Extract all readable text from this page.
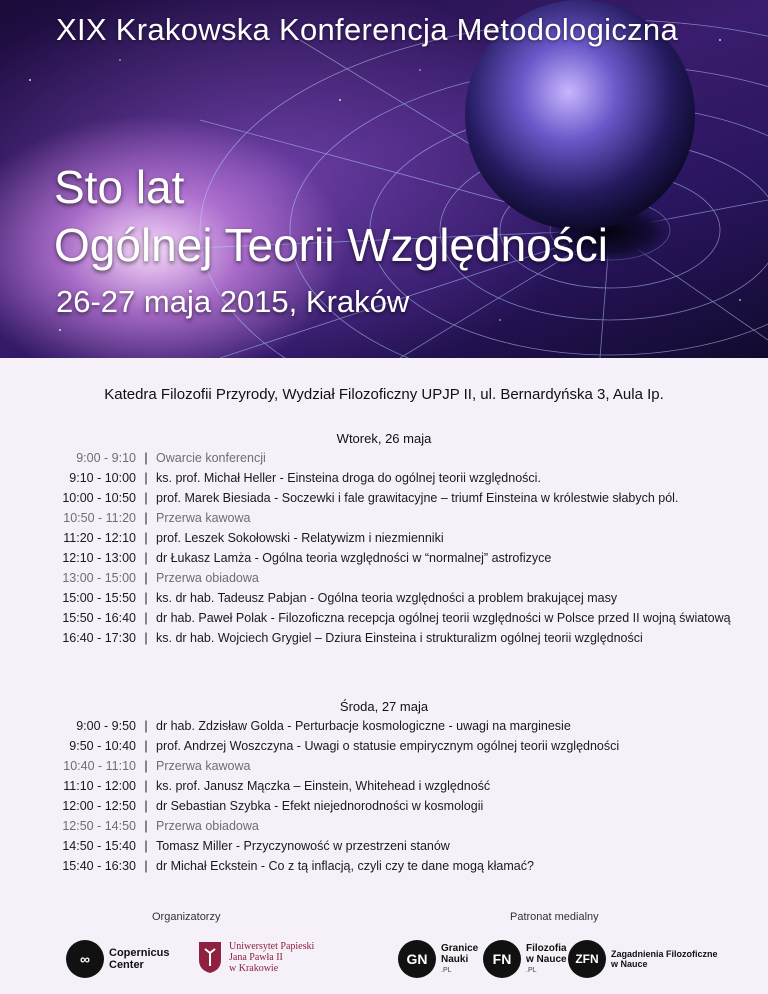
XIX Krakowska Konferencja Metodologiczna
Sto lat
Ogólnej Teorii Względności
26-27 maja 2015, Kraków
Katedra Filozofii Przyrody, Wydział Filozoficzny UPJP II, ul. Bernardyńska 3, Aula Ip.
Wtorek, 26 maja
9:00 - 9:10 | Owarcie konferencji
9:10 - 10:00 | ks. prof. Michał Heller - Einsteina droga do ogólnej teorii względności.
10:00 - 10:50 | prof. Marek Biesiada - Soczewki i fale grawitacyjne – triumf Einsteina w królestwie słabych pól.
10:50 - 11:20 | Przerwa kawowa
11:20 - 12:10 | prof. Leszek Sokołowski - Relatywizm i niezmienniki
12:10 - 13:00 | dr Łukasz Lamża - Ogólna teoria względności w “normalnej” astrofizyce
13:00 - 15:00 | Przerwa obiadowa
15:00 - 15:50 | ks. dr hab. Tadeusz Pabjan - Ogólna teoria względności a problem brakującej masy
15:50 - 16:40 | dr hab. Paweł Polak - Filozoficzna recepcja ogólnej teorii względności w Polsce przed II wojną światową
16:40 - 17:30 | ks. dr hab. Wojciech Grygiel – Dziura Einsteina i strukturalizm ogólnej teorii względności
Środa, 27 maja
9:00 - 9:50 | dr hab. Zdzisław Golda - Perturbacje kosmologiczne - uwagi na marginesie
9:50 - 10:40 | prof. Andrzej Woszczyna - Uwagi o statusie empirycznym ogólnej teorii względności
10:40 - 11:10 | Przerwa kawowa
11:10 - 12:00 | ks. prof. Janusz Mączka – Einstein, Whitehead i względność
12:00 - 12:50 | dr Sebastian Szybka - Efekt niejednorodności w kosmologii
12:50 - 14:50 | Przerwa obiadowa
14:50 - 15:40 | Tomasz Miller - Przyczynowość w przestrzeni stanów
15:40 - 16:30 | dr Michał Eckstein - Co z tą inflacją, czyli czy te dane mogą kłamać?
Organizatorzy	Patronat medialny
∞	Copernicus
Center
Uniwersytet Papieski
Jana Pawła II
w Krakowie
GN
Granice
Nauki
.PL
FN
Filozofia
w Nauce
.PL
ZFN	Zagadnienia Filozoficzne
w Nauce
